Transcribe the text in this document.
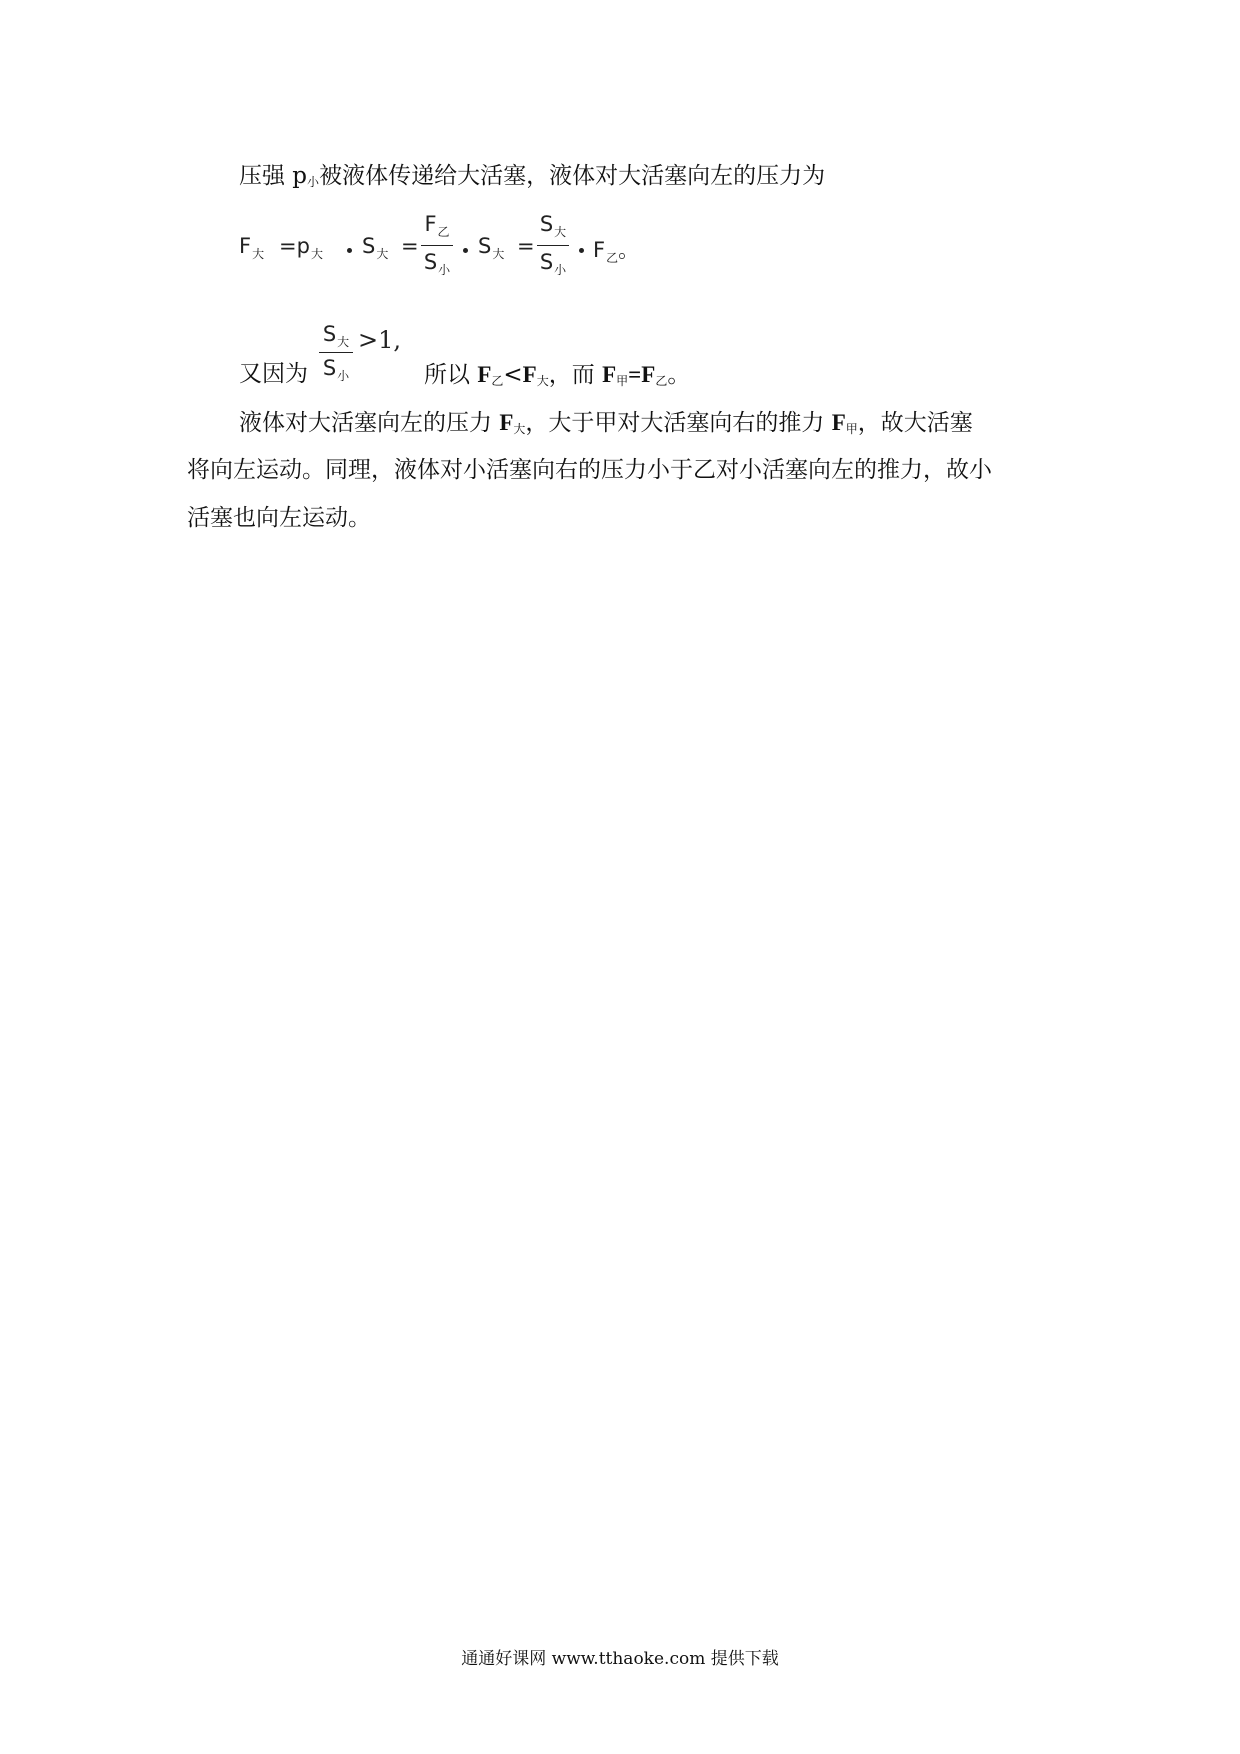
压强 p小被液体传递给大活塞，液体对大活塞向左的压力为
$F_大 =p_大$ $S_大$ =
$F_乙$
$S_小$
$S_大$ =
$S_大$
$S_小$
$F_乙$。
又因为
$S_大$
$S_小$
>1,
所以 F乙<F大，而 F甲=F乙。
液体对大活塞向左的压力 F大，大于甲对大活塞向右的推力 F甲，故大活塞
将向左运动。同理，液体对小活塞向右的压力小于乙对小活塞向左的推力，故小
活塞也向左运动。
通通好课网 www.tthaoke.com 提供下载
